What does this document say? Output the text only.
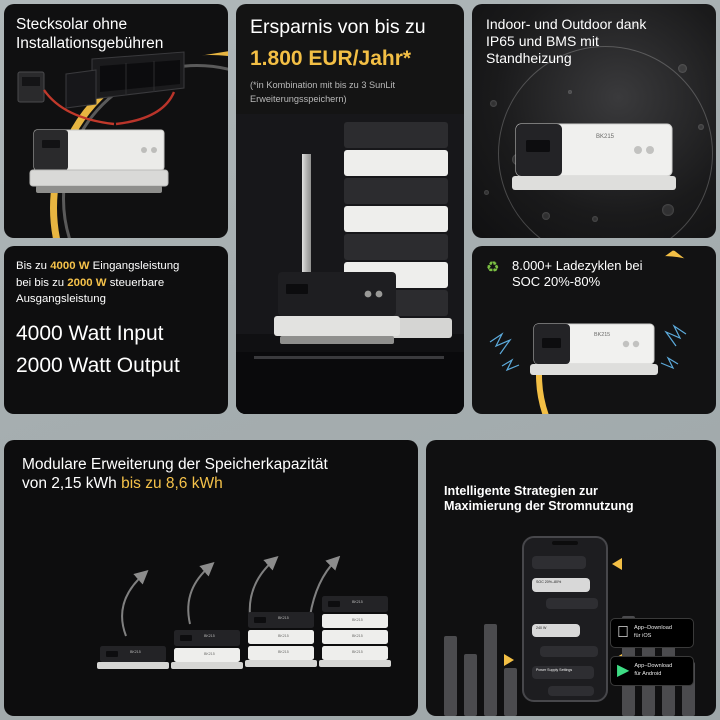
Stecksolar ohne
Installationsgebühren
Ersparnis von bis zu
1.800 EUR/Jahr*
(*in Kombination mit bis zu 3 SunLit
Erweiterungsspeichern)
Indoor- und Outdoor dank
IP65 und BMS mit
Standheizung
BK215
Bis zu 4000 W Eingangsleistung
bei bis zu 2000 W steuerbare
Ausgangsleistung
4000 Watt Input
2000 Watt Output
♻ 8.000+ Ladezyklen bei
SOC 20%-80%
BK215
Modulare Erweiterung der Speicherkapazität
von 2,15 kWh bis zu 8,6 kWh
BK215
BK215
BK215
BK215
BK215
BK215
BK215
BK215
BK215
BK215
Intelligente Strategien zur
Maximierung der Stromnutzung
SOC 20%–80%
240 W
Power Supply Settings
App–Download
für iOS
▶ App–Download
für Android
